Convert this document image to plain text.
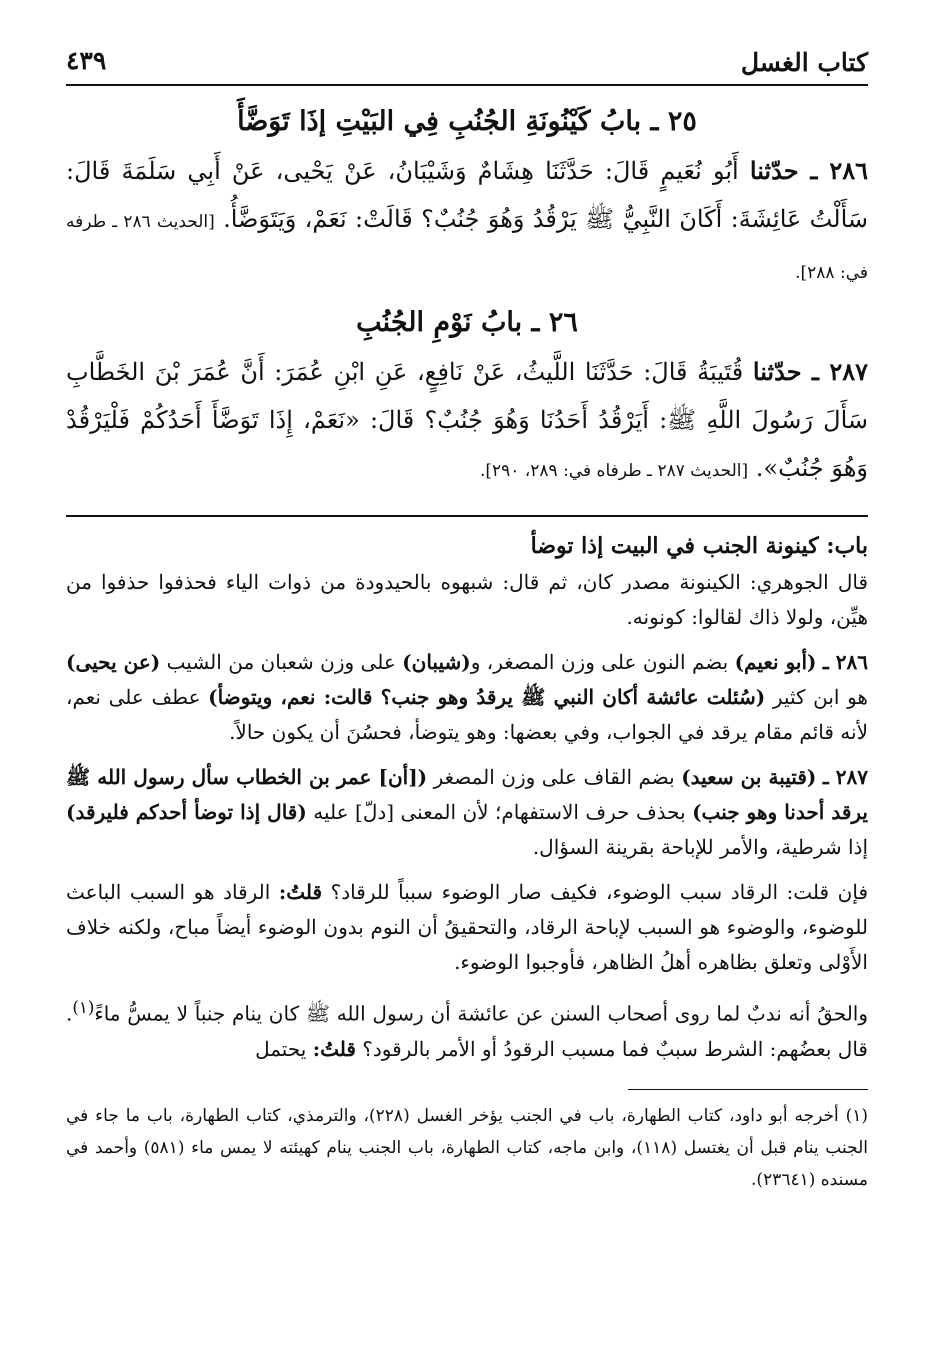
كتاب الغسل
٤٣٩
٢٥ ـ بابُ كَيْنُونَةِ الجُنُبِ فِي البَيْتِ إذَا تَوَضَّأَ

٢٨٦ ـ حدّثنا أَبُو نُعَيمٍ قَالَ: حَدَّثَنَا هِشَامٌ وَشَيْبَانُ، عَنْ يَحْيى، عَنْ أَبِي سَلَمَةَ قَالَ: سَأَلْتُ عَائِشَةَ: أَكَانَ النَّبِيُّ ﷺ يَرْقُدُ وَهُوَ جُنُبٌ؟ قَالَتْ: نَعَمْ، وَيَتَوَضَّأُ. [الحديث ٢٨٦ ـ طرفه في: ٢٨٨].

٢٦ ـ بابُ نَوْمِ الجُنُبِ

٢٨٧ ـ حدّثنا قُتَيبَةُ قَالَ: حَدَّثَنَا اللَّيثُ، عَنْ نَافِعٍ، عَنِ ابْنِ عُمَرَ: أَنَّ عُمَرَ بْنَ الخَطَّابِ سَأَلَ رَسُولَ اللَّهِ ﷺ: أَيَرْقُدُ أَحَدُنَا وَهُوَ جُنُبٌ؟ قَالَ: «نَعَمْ، إِذَا تَوَضَّأَ أَحَدُكُمْ فَلْيَرْقُدْ وَهُوَ جُنُبٌ». [الحديث ٢٨٧ ـ طرفاه في: ٢٨٩، ٢٩٠].

باب: كينونة الجنب في البيت إذا توضأ

قال الجوهري: الكينونة مصدر كان، ثم قال: شبهوه بالحيدودة من ذوات الياء فحذفوا حذفوا من هيِّن، ولولا ذاك لقالوا: كونونه.

٢٨٦ ـ (أبو نعيم) بضم النون على وزن المصغر، و(شيبان) على وزن شعبان من الشيب (عن يحيى) هو ابن كثير (سُئلت عائشة أكان النبي ﷺ يرقدُ وهو جنب؟ قالت: نعم، ويتوضأ) عطف على نعم، لأنه قائم مقام يرقد في الجواب، وفي بعضها: وهو يتوضأ، فحسُنَ أن يكون حالاً.

٢٨٧ ـ (قتيبة بن سعيد) بضم القاف على وزن المصغر ([أن] عمر بن الخطاب سأل رسول الله ﷺ يرقد أحدنا وهو جنب) بحذف حرف الاستفهام؛ لأن المعنى [دلّ] عليه (قال إذا توضأ أحدكم فليرقد) إذا شرطية، والأمر للإباحة بقرينة السؤال.

فإن قلت: الرقاد سبب الوضوء، فكيف صار الوضوء سبباً للرقاد؟ قلتُ: الرقاد هو السبب الباعث للوضوء، والوضوء هو السبب لإباحة الرقاد، والتحقيقُ أن النوم بدون الوضوء أيضاً مباح، ولكنه خلاف الأَوْلى وتعلق بظاهره أهلُ الظاهر، فأوجبوا الوضوء.

والحقُ أنه ندبٌ لما روى أصحاب السنن عن عائشة أن رسول الله ﷺ كان ينام جنباً لا يمسُّ ماءً$^{(١)}$. قال بعضُهم: الشرط سببٌ فما مسبب الرقودُ أو الأمر بالرقود؟ قلتُ: يحتمل

(١) أخرجه أبو داود، كتاب الطهارة، باب في الجنب يؤخر الغسل (٢٢٨)، والترمذي، كتاب الطهارة، باب ما جاء في الجنب ينام قبل أن يغتسل (١١٨)، وابن ماجه، كتاب الطهارة، باب الجنب ينام كهيئته لا يمس ماء (٥٨١) وأحمد في مسنده (٢٣٦٤١).
